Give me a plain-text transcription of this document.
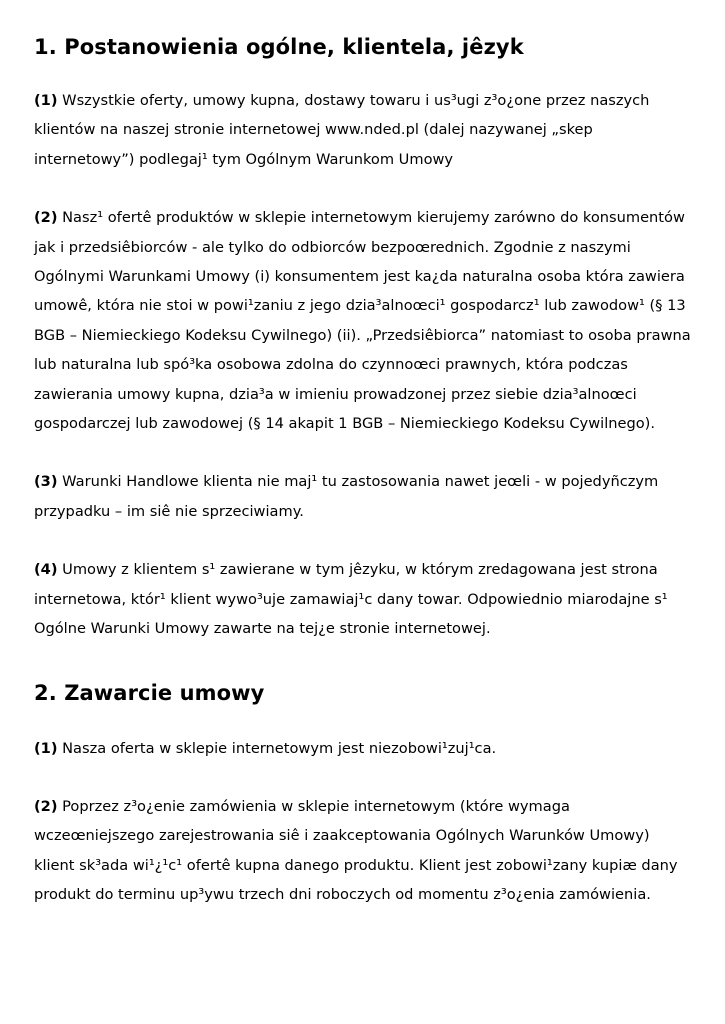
1. Postanowienia ogólne, klientela, jêzyk

(1) Wszystkie oferty, umowy kupna, dostawy towaru i us³ugi z³o¿one przez naszych klientów na naszej stronie internetowej www.nded.pl (dalej nazywanej „skep internetowy”) podlegaj¹ tym Ogólnym Warunkom Umowy

(2) Nasz¹ ofertê produktów w sklepie internetowym kierujemy zarówno do konsumentów jak i przedsiêbiorców - ale tylko do odbiorców bezpoœrednich. Zgodnie z naszymi Ogólnymi Warunkami Umowy (i) konsumentem jest ka¿da naturalna osoba która zawiera umowê, która nie stoi w powi¹zaniu z jego dzia³alnoœci¹ gospodarcz¹ lub zawodow¹ (§ 13 BGB – Niemieckiego Kodeksu Cywilnego) (ii). „Przedsiêbiorca” natomiast to osoba prawna lub naturalna lub spó³ka osobowa zdolna do czynnoœci prawnych, która podczas zawierania umowy kupna, dzia³a w imieniu prowadzonej przez siebie dzia³alnoœci gospodarczej lub zawodowej (§ 14 akapit 1 BGB – Niemieckiego Kodeksu Cywilnego).

(3) Warunki Handlowe klienta nie maj¹ tu zastosowania nawet jeœli - w pojedyñczym przypadku – im siê nie sprzeciwiamy.

(4) Umowy z klientem s¹ zawierane w tym jêzyku, w którym zredagowana jest strona internetowa, któr¹ klient wywo³uje zamawiaj¹c dany towar. Odpowiednio miarodajne s¹ Ogólne Warunki Umowy zawarte na tej¿e stronie internetowej.

2. Zawarcie umowy

(1) Nasza oferta w sklepie internetowym jest niezobowi¹zuj¹ca.

(2) Poprzez z³o¿enie zamówienia w sklepie internetowym (które wymaga wczeœniejszego zarejestrowania siê i zaakceptowania Ogólnych Warunków Umowy) klient sk³ada wi¹¿¹c¹ ofertê kupna danego produktu. Klient jest zobowi¹zany kupiæ dany produkt do terminu up³ywu trzech dni roboczych od momentu z³o¿enia zamówienia.
